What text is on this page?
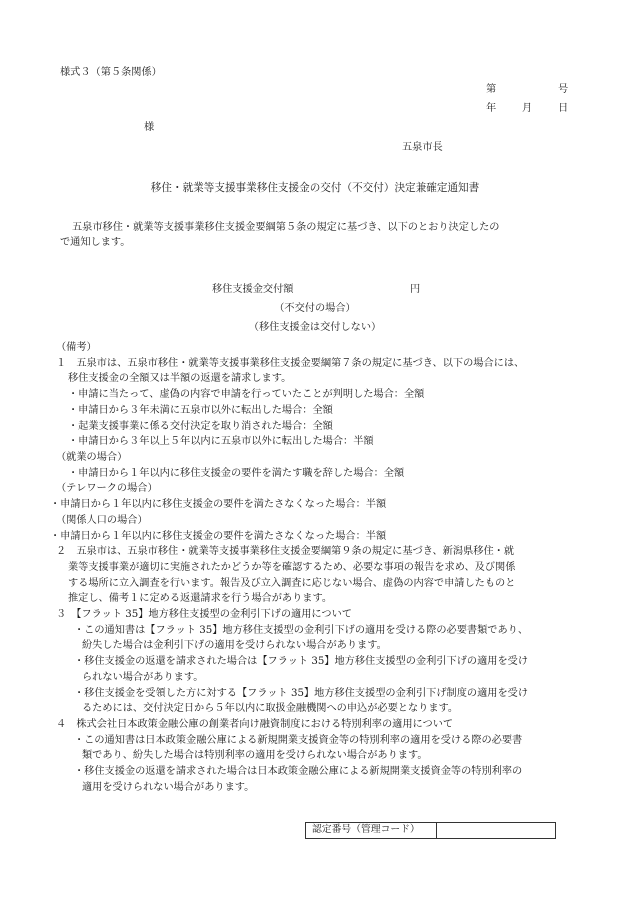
様式３（第５条関係）
第	号
年	月	日
様
五泉市長
移住・就業等支援事業移住支援金の交付（不交付）決定兼確定通知書
五泉市移住・就業等支援事業移住支援金要綱第５条の規定に基づき、以下のとおり決定したの
で通知します。
移住支援金交付額	円
（不交付の場合）
（移住支援金は交付しない）
（備考）
１　五泉市は、五泉市移住・就業等支援事業移住支援金要綱第７条の規定に基づき、以下の場合には、
移住支援金の全額又は半額の返還を請求します。
・申請に当たって、虚偽の内容で申請を行っていたことが判明した場合：全額
・申請日から３年未満に五泉市以外に転出した場合：全額
・起業支援事業に係る交付決定を取り消された場合：全額
・申請日から３年以上５年以内に五泉市以外に転出した場合：半額
（就業の場合）
・申請日から１年以内に移住支援金の要件を満たす職を辞した場合：全額
（テレワークの場合）
・申請日から１年以内に移住支援金の要件を満たさなくなった場合：半額
（関係人口の場合）
・申請日から１年以内に移住支援金の要件を満たさなくなった場合：半額
２　五泉市は、五泉市移住・就業等支援事業移住支援金要綱第９条の規定に基づき、新潟県移住・就
業等支援事業が適切に実施されたかどうか等を確認するため、必要な事項の報告を求め、及び関係
する場所に立入調査を行います。報告及び立入調査に応じない場合、虚偽の内容で申請したものと
推定し、備考１に定める返還請求を行う場合があります。
３　【フラット 35】地方移住支援型の金利引下げの適用について
・この通知書は【フラット 35】地方移住支援型の金利引下げの適用を受ける際の必要書類であり、
紛失した場合は金利引下げの適用を受けられない場合があります。
・移住支援金の返還を請求された場合は【フラット 35】地方移住支援型の金利引下げの適用を受け
られない場合があります。
・移住支援金を受領した方に対する【フラット 35】地方移住支援型の金利引下げ制度の適用を受け
るためには、交付決定日から５年以内に取扱金融機関への申込が必要となります。
４　株式会社日本政策金融公庫の創業者向け融資制度における特別利率の適用について
・この通知書は日本政策金融公庫による新規開業支援資金等の特別利率の適用を受ける際の必要書
類であり、紛失した場合は特別利率の適用を受けられない場合があります。
・移住支援金の返還を請求された場合は日本政策金融公庫による新規開業支援資金等の特別利率の
適用を受けられない場合があります。
認定番号（管理コード）	
